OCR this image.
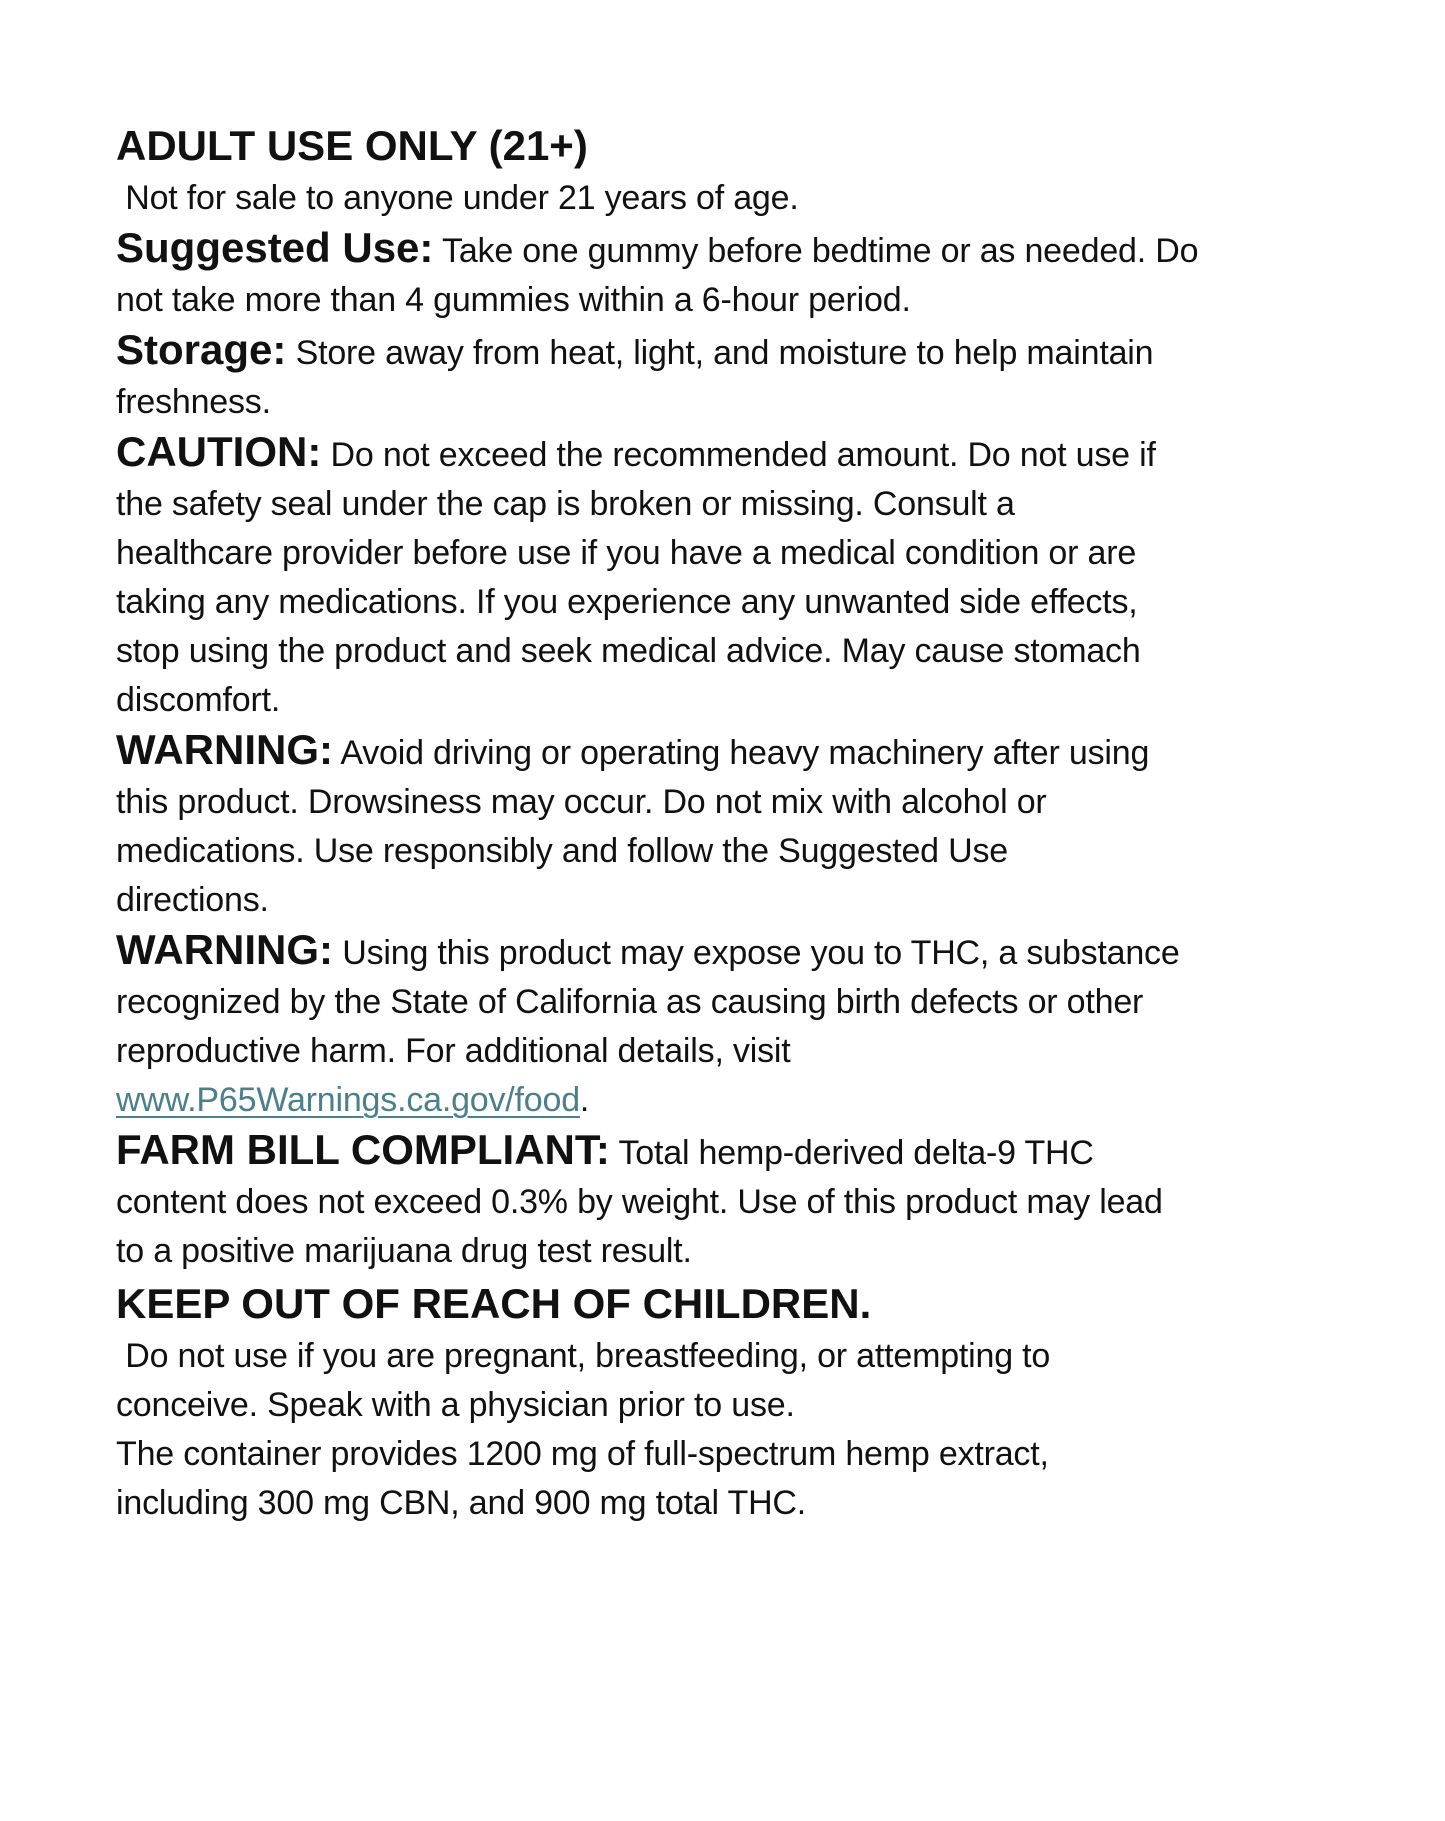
ADULT USE ONLY (21+)
Not for sale to anyone under 21 years of age.
Suggested Use: Take one gummy before bedtime or as needed. Do
not take more than 4 gummies within a 6-hour period.
Storage: Store away from heat, light, and moisture to help maintain
freshness.
CAUTION: Do not exceed the recommended amount. Do not use if
the safety seal under the cap is broken or missing. Consult a
healthcare provider before use if you have a medical condition or are
taking any medications. If you experience any unwanted side effects,
stop using the product and seek medical advice. May cause stomach
discomfort.
WARNING: Avoid driving or operating heavy machinery after using
this product. Drowsiness may occur. Do not mix with alcohol or
medications. Use responsibly and follow the Suggested Use
directions.
WARNING: Using this product may expose you to THC, a substance
recognized by the State of California as causing birth defects or other
reproductive harm. For additional details, visit
www.P65Warnings.ca.gov/food.
FARM BILL COMPLIANT: Total hemp-derived delta-9 THC
content does not exceed 0.3% by weight. Use of this product may lead
to a positive marijuana drug test result.
KEEP OUT OF REACH OF CHILDREN.
Do not use if you are pregnant, breastfeeding, or attempting to
conceive. Speak with a physician prior to use.
The container provides 1200 mg of full-spectrum hemp extract,
including 300 mg CBN, and 900 mg total THC.
